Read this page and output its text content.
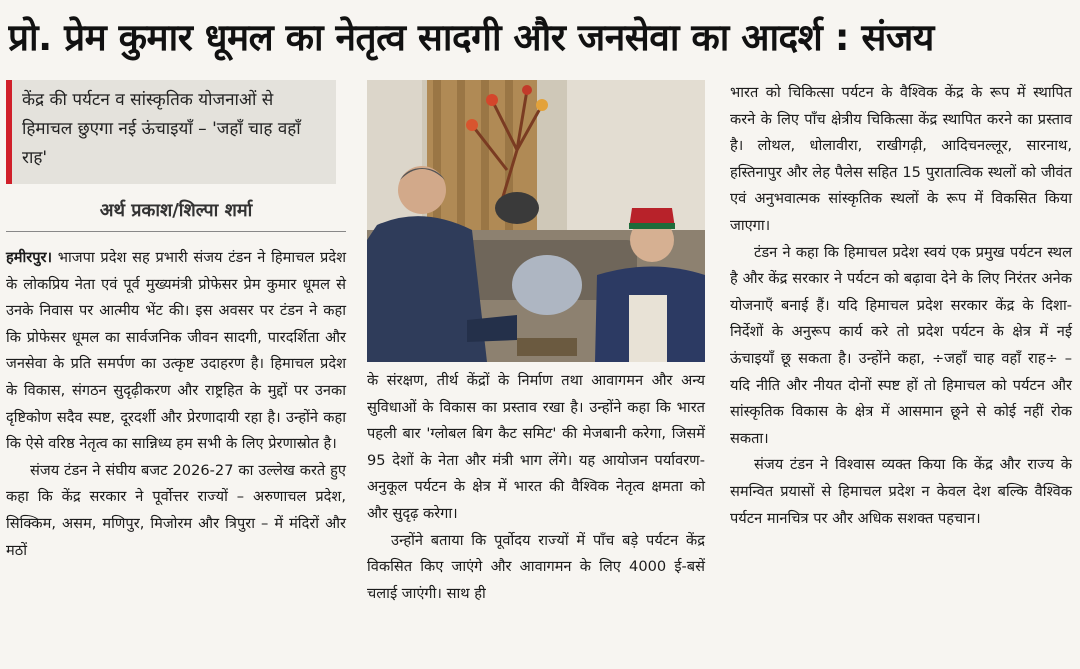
प्रो. प्रेम कुमार धूमल का नेतृत्व सादगी और जनसेवा का आदर्श : संजय
केंद्र की पर्यटन व सांस्कृतिक योजनाओं से हिमाचल छुएगा नई ऊंचाइयाँ – 'जहाँ चाह वहाँ राह'
अर्थ प्रकाश/शिल्पा शर्मा

हमीरपुर। भाजपा प्रदेश सह प्रभारी संजय टंडन ने हिमाचल प्रदेश के लोकप्रिय नेता एवं पूर्व मुख्यमंत्री प्रोफेसर प्रेम कुमार धूमल से उनके निवास पर आत्मीय भेंट की। इस अवसर पर टंडन ने कहा कि प्रोफेसर धूमल का सार्वजनिक जीवन सादगी, पारदर्शिता और जनसेवा के प्रति समर्पण का उत्कृष्ट उदाहरण है। हिमाचल प्रदेश के विकास, संगठन सुदृढ़ीकरण और राष्ट्रहित के मुद्दों पर उनका दृष्टिकोण सदैव स्पष्ट, दूरदर्शी और प्रेरणादायी रहा है। उन्होंने कहा कि ऐसे वरिष्ठ नेतृत्व का सान्निध्य हम सभी के लिए प्रेरणास्रोत है।

संजय टंडन ने संघीय बजट 2026-27 का उल्लेख करते हुए कहा कि केंद्र सरकार ने पूर्वोत्तर राज्यों – अरुणाचल प्रदेश, सिक्किम, असम, मणिपुर, मिजोरम और त्रिपुरा – में मंदिरों और मठों

के संरक्षण, तीर्थ केंद्रों के निर्माण तथा आवागमन और अन्य सुविधाओं के विकास का प्रस्ताव रखा है। उन्होंने कहा कि भारत पहली बार 'ग्लोबल बिग कैट समिट' की मेजबानी करेगा, जिसमें 95 देशों के नेता और मंत्री भाग लेंगे। यह आयोजन पर्यावरण-अनुकूल पर्यटन के क्षेत्र में भारत की वैश्विक नेतृत्व क्षमता को और सुदृढ़ करेगा।

उन्होंने बताया कि पूर्वोदय राज्यों में पाँच बड़े पर्यटन केंद्र विकसित किए जाएंगे और आवागमन के लिए 4000 ई-बसें चलाई जाएंगी। साथ ही

भारत को चिकित्सा पर्यटन के वैश्विक केंद्र के रूप में स्थापित करने के लिए पाँच क्षेत्रीय चिकित्सा केंद्र स्थापित करने का प्रस्ताव है। लोथल, धोलावीरा, राखीगढ़ी, आदिचनल्लूर, सारनाथ, हस्तिनापुर और लेह पैलेस सहित 15 पुरातात्विक स्थलों को जीवंत एवं अनुभवात्मक सांस्कृतिक स्थलों के रूप में विकसित किया जाएगा।

टंडन ने कहा कि हिमाचल प्रदेश स्वयं एक प्रमुख पर्यटन स्थल है और केंद्र सरकार ने पर्यटन को बढ़ावा देने के लिए निरंतर अनेक योजनाएँ बनाई हैं। यदि हिमाचल प्रदेश सरकार केंद्र के दिशा-निर्देशों के अनुरूप कार्य करे तो प्रदेश पर्यटन के क्षेत्र में नई ऊंचाइयाँ छू सकता है। उन्होंने कहा, ÷जहाँ चाह वहाँ राह÷ – यदि नीति और नीयत दोनों स्पष्ट हों तो हिमाचल को पर्यटन और सांस्कृतिक विकास के क्षेत्र में आसमान छूने से कोई नहीं रोक सकता।

संजय टंडन ने विश्वास व्यक्त किया कि केंद्र और राज्य के समन्वित प्रयासों से हिमाचल प्रदेश न केवल देश बल्कि वैश्विक पर्यटन मानचित्र पर और अधिक सशक्त पहचान।
